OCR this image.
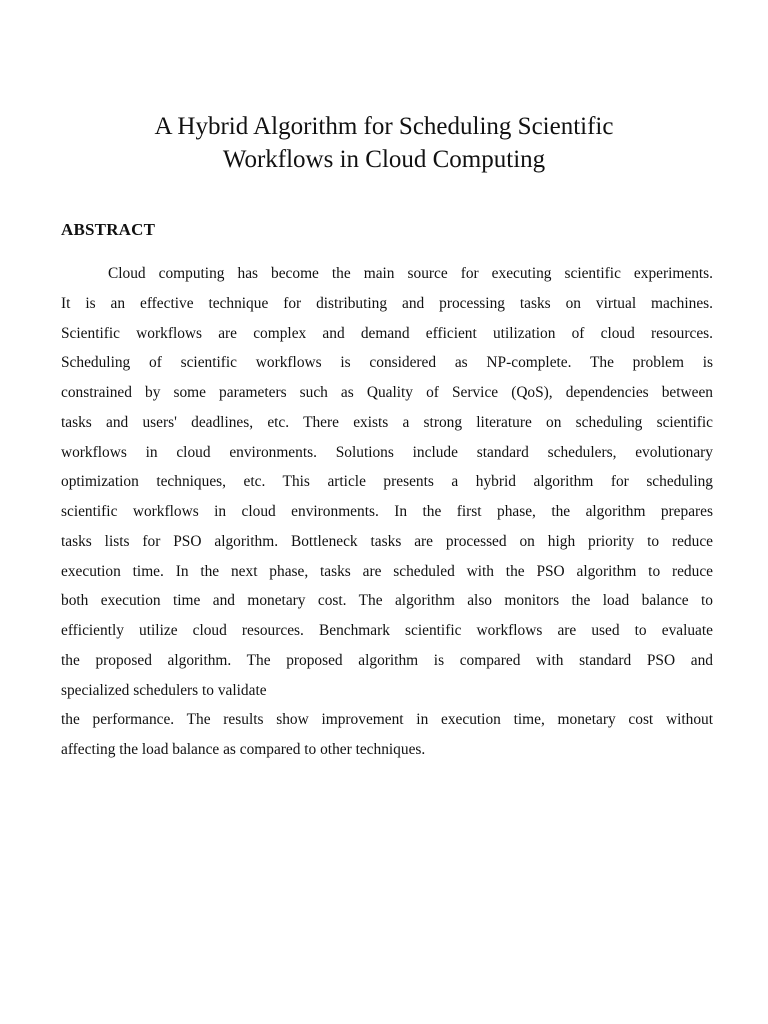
A Hybrid Algorithm for Scheduling Scientific
Workflows in Cloud Computing
ABSTRACT
Cloud computing has become the main source for executing scientific experiments.
It is an effective technique for distributing and processing tasks on virtual machines.
Scientific workflows are complex and demand efficient utilization of cloud resources.
Scheduling of scientific workflows is considered as NP-complete. The problem is
constrained by some parameters such as Quality of Service (QoS), dependencies between
tasks and users' deadlines, etc. There exists a strong literature on scheduling scientific
workflows in cloud environments. Solutions include standard schedulers, evolutionary
optimization techniques, etc. This article presents a hybrid algorithm for scheduling
scientific workflows in cloud environments. In the first phase, the algorithm prepares
tasks lists for PSO algorithm. Bottleneck tasks are processed on high priority to reduce
execution time. In the next phase, tasks are scheduled with the PSO algorithm to reduce
both execution time and monetary cost. The algorithm also monitors the load balance to
efficiently utilize cloud resources. Benchmark scientific workflows are used to evaluate
the proposed algorithm. The proposed algorithm is compared with standard PSO and
specialized schedulers to validate
the performance. The results show improvement in execution time, monetary cost without
affecting the load balance as compared to other techniques.
